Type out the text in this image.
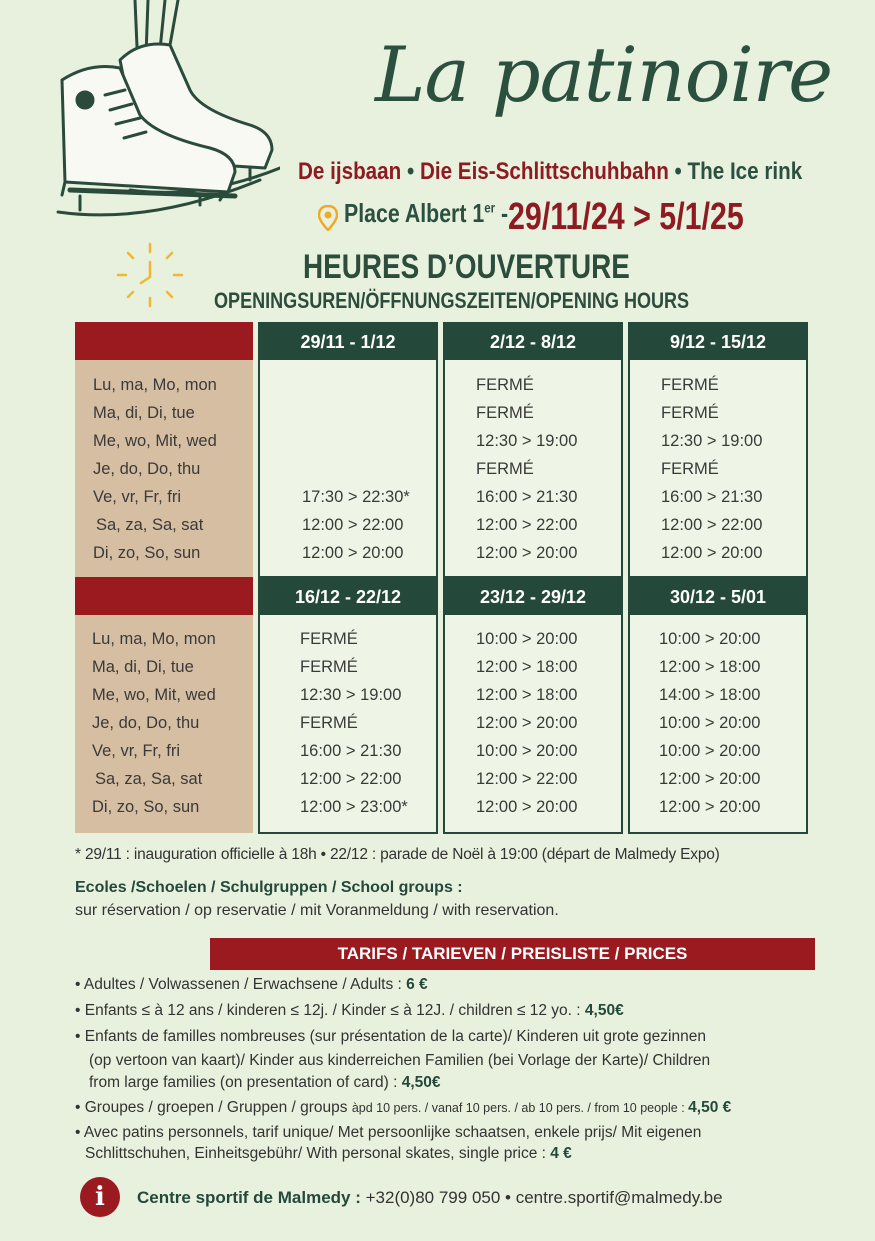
La patinoire
De ijsbaan • Die Eis-Schlittschuhbahn • The Ice rink
Place Albert 1er - 29/11/24 > 5/1/25
HEURES D’OUVERTURE
OPENINGSUREN/ÖFFNUNGSZEITEN/OPENING HOURS
Lu, ma, Mo, mon
Ma, di, Di, tue
Me, wo, Mit, wed
Je, do, Do, thu
Ve, vr, Fr, fri
Sa, za, Sa, sat
Di, zo, So, sun
29/11 - 1/12

17:30 > 22:30*
12:00 > 22:00
12:00 > 20:00
2/12 - 8/12
FERMÉ
FERMÉ
12:30 > 19:00
FERMÉ
16:00 > 21:30
12:00 > 22:00
12:00 > 20:00
9/12 - 15/12
FERMÉ
FERMÉ
12:30 > 19:00
FERMÉ
16:00 > 21:30
12:00 > 22:00
12:00 > 20:00
Lu, ma, Mo, mon
Ma, di, Di, tue
Me, wo, Mit, wed
Je, do, Do, thu
Ve, vr, Fr, fri
Sa, za, Sa, sat
Di, zo, So, sun
16/12 - 22/12
FERMÉ
FERMÉ
12:30 > 19:00
FERMÉ
16:00 > 21:30
12:00 > 22:00
12:00 > 23:00*
23/12 - 29/12
10:00 > 20:00
12:00 > 18:00
12:00 > 18:00
12:00 > 20:00
10:00 > 20:00
12:00 > 22:00
12:00 > 20:00
30/12 - 5/01
10:00 > 20:00
12:00 > 18:00
14:00 > 18:00
10:00 > 20:00
10:00 > 20:00
12:00 > 20:00
12:00 > 20:00
* 29/11 : inauguration officielle à 18h • 22/12 : parade de Noël à 19:00 (départ de Malmedy Expo)
Ecoles /Schoelen / Schulgruppen / School groups :
sur réservation / op reservatie / mit Voranmeldung / with reservation.
TARIFS / TARIEVEN / PREISLISTE / PRICES
• Adultes / Volwassenen / Erwachsene / Adults : 6 €
• Enfants ≤ à 12 ans / kinderen ≤ 12j. / Kinder ≤ à 12J. / children ≤ 12 yo. : 4,50€
• Enfants de familles nombreuses (sur présentation de la carte)/ Kinderen uit grote gezinnen
(op vertoon van kaart)/ Kinder aus kinderreichen Familien (bei Vorlage der Karte)/ Children
from large families (on presentation of card) : 4,50€
• Groupes / groepen / Gruppen / groups àpd 10 pers. / vanaf 10 pers. / ab 10 pers. / from 10 people : 4,50 €
• Avec patins personnels, tarif unique/ Met persoonlijke schaatsen, enkele prijs/ Mit eigenen
Schlittschuhen, Einheitsgebühr/ With personal skates, single price : 4 €
i	Centre sportif de Malmedy : +32(0)80 799 050 • centre.sportif@malmedy.be
